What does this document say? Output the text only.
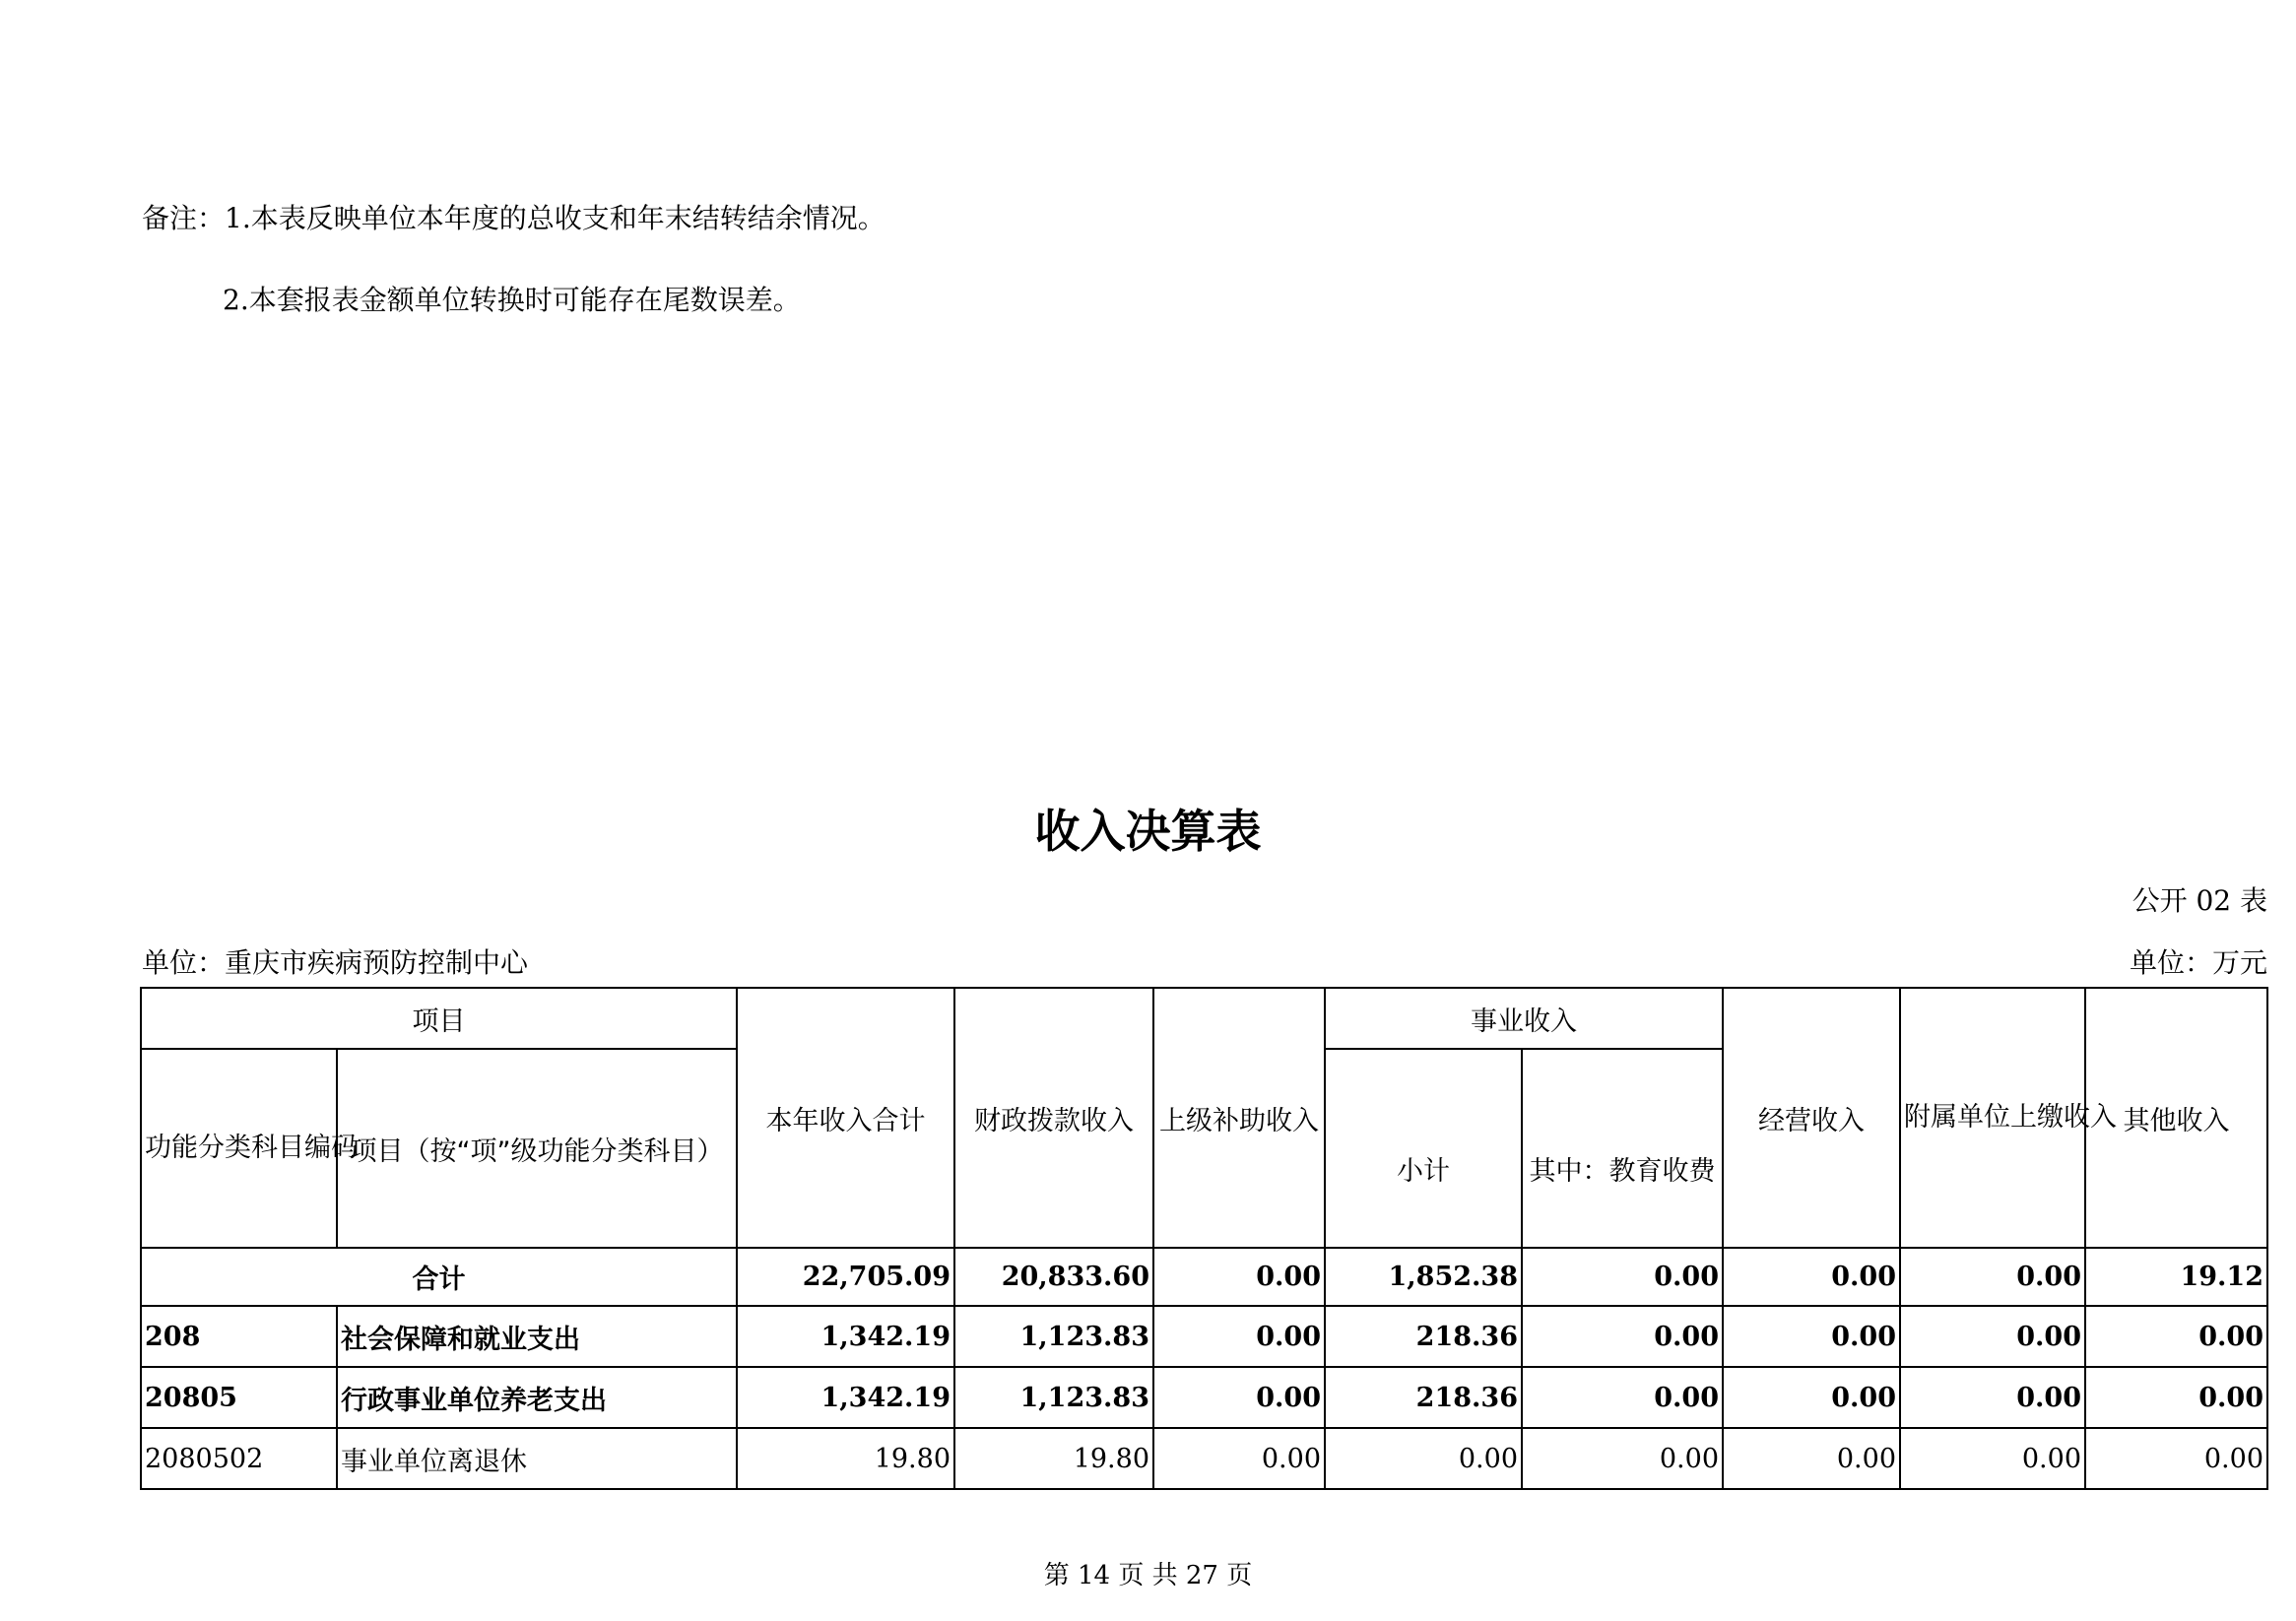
备注：1.本表反映单位本年度的总收支和年末结转结余情况。
2.本套报表金额单位转换时可能存在尾数误差。
收入决算表
公开 02 表
单位：重庆市疾病预防控制中心	单位：万元
项目		本年收入合计	财政拨款收入	上级补助收入	事业收入		经营收入	附属单位上缴收入	其他收入
功能分类科目编码	项目（按“项”级功能分类科目）				小计	其中：教育收费			
合计		22,705.09	20,833.60	0.00	1,852.38	0.00	0.00	0.00	19.12
208	社会保障和就业支出	1,342.19	1,123.83	0.00	218.36	0.00	0.00	0.00	0.00
20805	行政事业单位养老支出	1,342.19	1,123.83	0.00	218.36	0.00	0.00	0.00	0.00
2080502	事业单位离退休	19.80	19.80	0.00	0.00	0.00	0.00	0.00	0.00
第 14 页 共 27 页
